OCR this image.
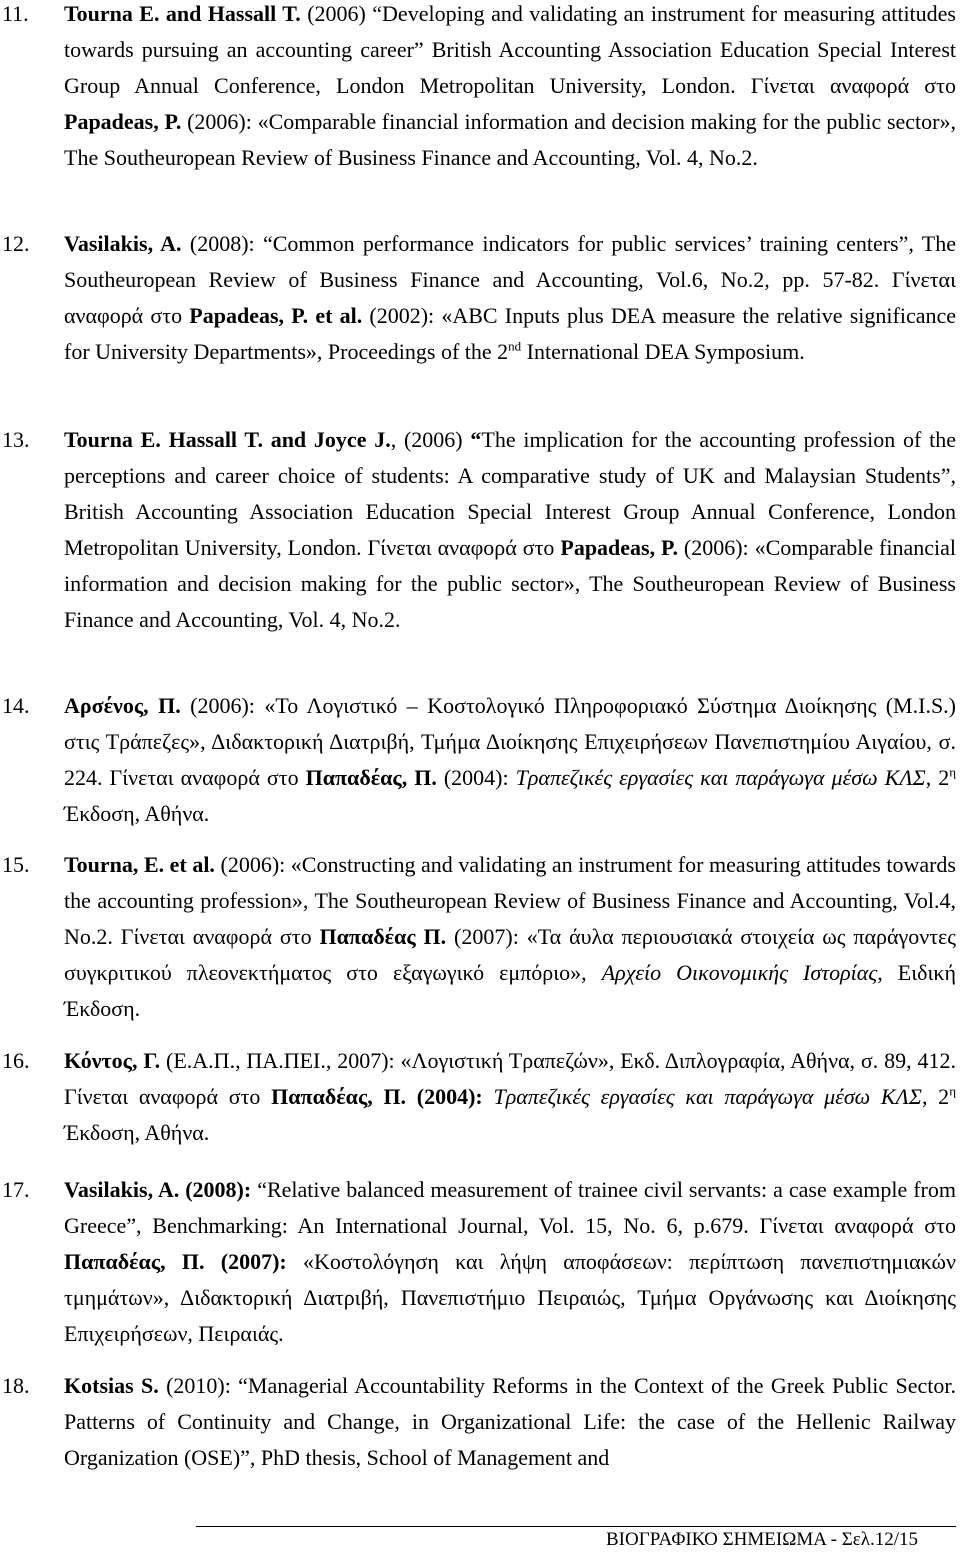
11. Tourna E. and Hassall T. (2006) “Developing and validating an instrument for measuring attitudes towards pursuing an accounting career” British Accounting Association Education Special Interest Group Annual Conference, London Metropolitan University, London. Γίνεται αναφορά στο Papadeas, P. (2006): «Comparable financial information and decision making for the public sector», The Southeuropean Review of Business Finance and Accounting, Vol. 4, No.2.
12. Vasilakis, A. (2008): “Common performance indicators for public services’ training centers”, The Southeuropean Review of Business Finance and Accounting, Vol.6, No.2, pp. 57-82. Γίνεται αναφορά στο Papadeas, P. et al. (2002): «ABC Inputs plus DEA measure the relative significance for University Departments», Proceedings of the 2nd International DEA Symposium.
13. Tourna E. Hassall T. and Joyce J., (2006) “The implication for the accounting profession of the perceptions and career choice of students: A comparative study of UK and Malaysian Students”, British Accounting Association Education Special Interest Group Annual Conference, London Metropolitan University, London. Γίνεται αναφορά στο Papadeas, P. (2006): «Comparable financial information and decision making for the public sector», The Southeuropean Review of Business Finance and Accounting, Vol. 4, No.2.
14. Αρσένος, Π. (2006): «Το Λογιστικό – Κοστολογικό Πληροφοριακό Σύστημα Διοίκησης (M.I.S.) στις Τράπεζες», Διδακτορική Διατριβή, Τμήμα Διοίκησης Επιχειρήσεων Πανεπιστημίου Αιγαίου, σ. 224. Γίνεται αναφορά στο Παπαδέας, Π. (2004): Τραπεζικές εργασίες και παράγωγα μέσω ΚΛΣ, $2^\eta$ Έκδοση, Αθήνα.
15. Tourna, E. et al. (2006): «Constructing and validating an instrument for measuring attitudes towards the accounting profession», The Southeuropean Review of Business Finance and Accounting, Vol.4, No.2. Γίνεται αναφορά στο Παπαδέας Π. (2007): «Τα άυλα περιουσιακά στοιχεία ως παράγοντες συγκριτικού πλεονεκτήματος στο εξαγωγικό εμπόριο», Αρχείο Οικονομικής Ιστορίας, Ειδική Έκδοση.
16. Κόντος, Γ. (Ε.Α.Π., ΠΑ.ΠΕΙ., 2007): «Λογιστική Τραπεζών», Εκδ. Διπλογραφία, Αθήνα, σ. 89, 412. Γίνεται αναφορά στο Παπαδέας, Π. (2004): Τραπεζικές εργασίες και παράγωγα μέσω ΚΛΣ, $2^\eta$ Έκδοση, Αθήνα.
17. Vasilakis, A. (2008): “Relative balanced measurement of trainee civil servants: a case example from Greece”, Benchmarking: An International Journal, Vol. 15, No. 6, p.679. Γίνεται αναφορά στο Παπαδέας, Π. (2007): «Κοστολόγηση και λήψη αποφάσεων: περίπτωση πανεπιστημιακών τμημάτων», Διδακτορική Διατριβή, Πανεπιστήμιο Πειραιώς, Τμήμα Οργάνωσης και Διοίκησης Επιχειρήσεων, Πειραιάς.
18. Kotsias S. (2010): “Managerial Accountability Reforms in the Context of the Greek Public Sector. Patterns of Continuity and Change, in Organizational Life: the case of the Hellenic Railway Organization (OSE)”, PhD thesis, School of Management and
ΒΙΟΓΡΑΦΙΚΟ ΣΗΜΕΙΩΜΑ - Σελ.12/15
